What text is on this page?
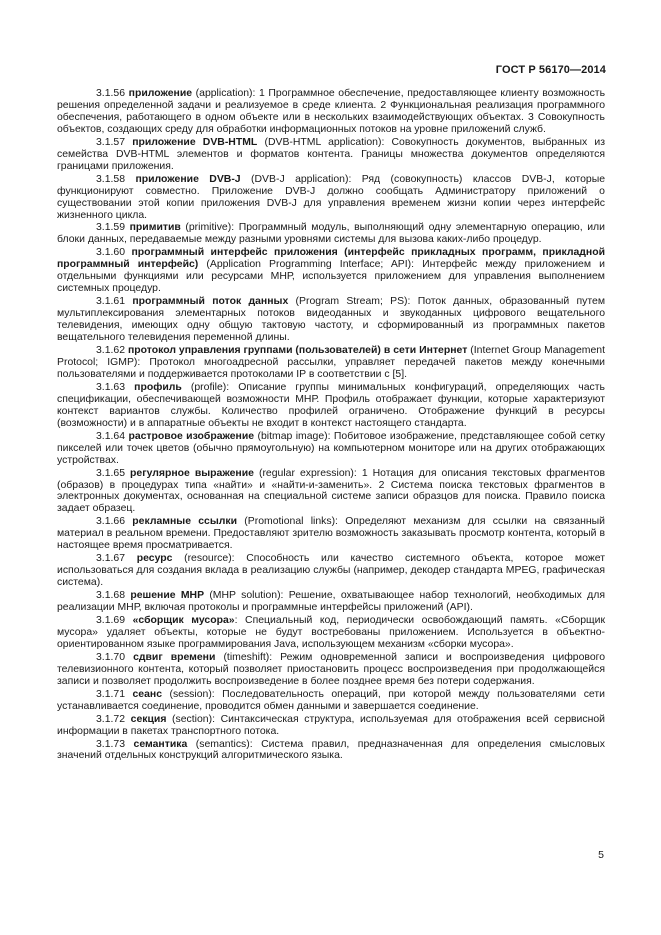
ГОСТ Р 56170—2014

3.1.56 приложение (application): 1 Программное обеспечение, предоставляющее клиенту возможность решения определенной задачи и реализуемое в среде клиента. 2 Функциональная реализация программного обеспечения, работающего в одном объекте или в нескольких взаимодействующих объектах. 3 Совокупность объектов, создающих среду для обработки информационных потоков на уровне приложений служб.

3.1.57 приложение DVB-HTML (DVB-HTML application): Совокупность документов, выбранных из семейства DVB-HTML элементов и форматов контента. Границы множества документов определяются границами приложения.

3.1.58 приложение DVB-J (DVB-J application): Ряд (совокупность) классов DVB-J, которые функционируют совместно. Приложение DVB-J должно сообщать Администратору приложений о существовании этой копии приложения DVB-J для управления временем жизни копии через интерфейс жизненного цикла.

3.1.59 примитив (primitive): Программный модуль, выполняющий одну элементарную операцию, или блоки данных, передаваемые между разными уровнями системы для вызова каких-либо процедур.

3.1.60 программный интерфейс приложения (интерфейс прикладных программ, прикладной программный интерфейс) (Application Programming Interface; API): Интерфейс между приложением и отдельными функциями или ресурсами МНР, используется приложением для управления выполнением системных процедур.

3.1.61 программный поток данных (Program Stream; PS): Поток данных, образованный путем мультиплексирования элементарных потоков видеоданных и звукоданных цифрового вещательного телевидения, имеющих одну общую тактовую частоту, и сформированный из программных пакетов вещательного телевидения переменной длины.

3.1.62 протокол управления группами (пользователей) в сети Интернет (Internet Group Management Protocol; IGMP): Протокол многоадресной рассылки, управляет передачей пакетов между конечными пользователями и поддерживается протоколами IP в соответствии с [5].

3.1.63 профиль (profile): Описание группы минимальных конфигураций, определяющих часть спецификации, обеспечивающей возможности МНР. Профиль отображает функции, которые характеризуют контекст вариантов службы. Количество профилей ограничено. Отображение функций в ресурсы (возможности) и в аппаратные объекты не входит в контекст настоящего стандарта.

3.1.64 растровое изображение (bitmap image): Побитовое изображение, представляющее собой сетку пикселей или точек цветов (обычно прямоугольную) на компьютерном мониторе или на других отображающих устройствах.

3.1.65 регулярное выражение (regular expression): 1 Нотация для описания текстовых фрагментов (образов) в процедурах типа «найти» и «найти-и-заменить». 2 Система поиска текстовых фрагментов в электронных документах, основанная на специальной системе записи образцов для поиска. Правило поиска задает образец.

3.1.66 рекламные ссылки (Promotional links): Определяют механизм для ссылки на связанный материал в реальном времени. Предоставляют зрителю возможность заказывать просмотр контента, который в настоящее время просматривается.

3.1.67 ресурс (resource): Способность или качество системного объекта, которое может использоваться для создания вклада в реализацию службы (например, декодер стандарта MPEG, графическая система).

3.1.68 решение МНР (MHP solution): Решение, охватывающее набор технологий, необходимых для реализации МНР, включая протоколы и программные интерфейсы приложений (API).

3.1.69 «сборщик мусора»: Специальный код, периодически освобождающий память. «Сборщик мусора» удаляет объекты, которые не будут востребованы приложением. Используется в объектно-ориентированном языке программирования Java, использующем механизм «сборки мусора».

3.1.70 сдвиг времени (timeshift): Режим одновременной записи и воспроизведения цифрового телевизионного контента, который позволяет приостановить процесс воспроизведения при продолжающейся записи и позволяет продолжить воспроизведение в более позднее время без потери содержания.

3.1.71 сеанс (session): Последовательность операций, при которой между пользователями сети устанавливается соединение, проводится обмен данными и завершается соединение.

3.1.72 секция (section): Синтаксическая структура, используемая для отображения всей сервисной информации в пакетах транспортного потока.

3.1.73 семантика (semantics): Система правил, предназначенная для определения смысловых значений отдельных конструкций алгоритмического языка.

5
